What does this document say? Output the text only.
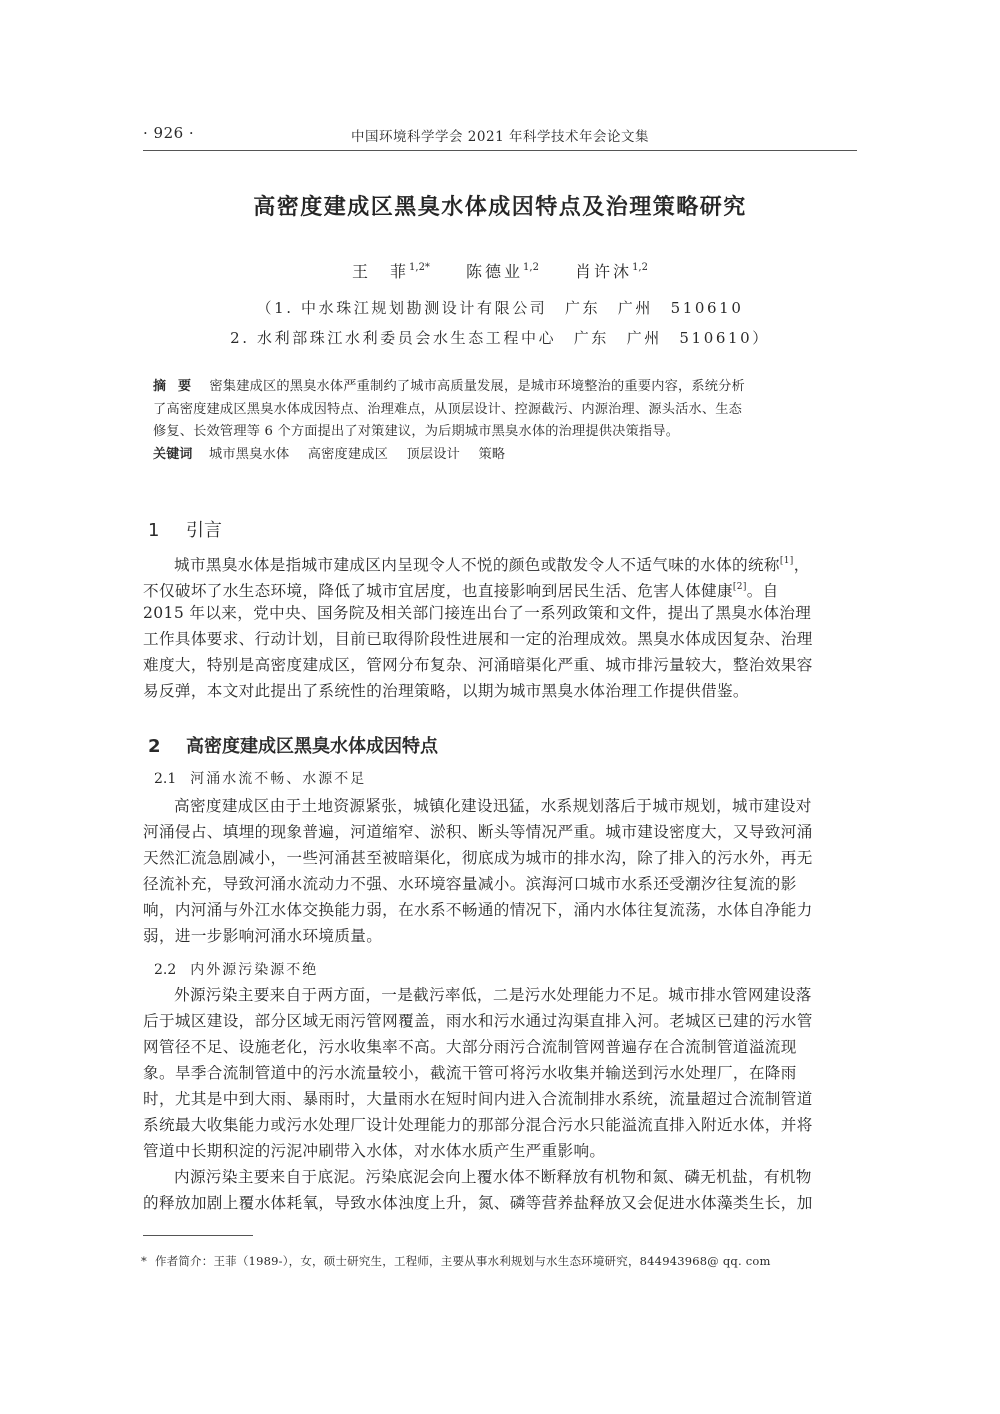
· 926 ·	中国环境科学学会 2021 年科学技术年会论文集
高密度建成区黑臭水体成因特点及治理策略研究
王　菲$^{1,2*}$ 陈德业$^{1,2}$ 肖许沐$^{1,2}$
（1. 中水珠江规划勘测设计有限公司　广东　广州　510610
2. 水利部珠江水利委员会水生态工程中心　广东　广州　510610）
摘要 密集建成区的黑臭水体严重制约了城市高质量发展，是城市环境整治的重要内容，系统分析
了高密度建成区黑臭水体成因特点、治理难点，从顶层设计、控源截污、内源治理、源头活水、生态
修复、长效管理等 6 个方面提出了对策建议，为后期城市黑臭水体的治理提供决策指导。
关键词 城市黑臭水体 高密度建成区 顶层设计 策略
1 引言
城市黑臭水体是指城市建成区内呈现令人不悦的颜色或散发令人不适气味的水体的统称[1]，
不仅破坏了水生态环境，降低了城市宜居度，也直接影响到居民生活、危害人体健康[2]。自
2015 年以来，党中央、国务院及相关部门接连出台了一系列政策和文件，提出了黑臭水体治理
工作具体要求、行动计划，目前已取得阶段性进展和一定的治理成效。黑臭水体成因复杂、治理
难度大，特别是高密度建成区，管网分布复杂、河涌暗渠化严重、城市排污量较大，整治效果容
易反弹，本文对此提出了系统性的治理策略，以期为城市黑臭水体治理工作提供借鉴。
2 高密度建成区黑臭水体成因特点
2.1 河涌水流不畅、水源不足
高密度建成区由于土地资源紧张，城镇化建设迅猛，水系规划落后于城市规划，城市建设对
河涌侵占、填埋的现象普遍，河道缩窄、淤积、断头等情况严重。城市建设密度大，又导致河涌
天然汇流急剧减小，一些河涌甚至被暗渠化，彻底成为城市的排水沟，除了排入的污水外，再无
径流补充，导致河涌水流动力不强、水环境容量减小。滨海河口城市水系还受潮汐往复流的影
响，内河涌与外江水体交换能力弱，在水系不畅通的情况下，涌内水体往复流荡，水体自净能力
弱，进一步影响河涌水环境质量。
2.2 内外源污染源不绝
外源污染主要来自于两方面，一是截污率低，二是污水处理能力不足。城市排水管网建设落
后于城区建设，部分区域无雨污管网覆盖，雨水和污水通过沟渠直排入河。老城区已建的污水管
网管径不足、设施老化，污水收集率不高。大部分雨污合流制管网普遍存在合流制管道溢流现
象。旱季合流制管道中的污水流量较小，截流干管可将污水收集并输送到污水处理厂，在降雨
时，尤其是中到大雨、暴雨时，大量雨水在短时间内进入合流制排水系统，流量超过合流制管道
系统最大收集能力或污水处理厂设计处理能力的那部分混合污水只能溢流直排入附近水体，并将
管道中长期积淀的污泥冲刷带入水体，对水体水质产生严重影响。
内源污染主要来自于底泥。污染底泥会向上覆水体不断释放有机物和氮、磷无机盐，有机物
的释放加剧上覆水体耗氧，导致水体浊度上升，氮、磷等营养盐释放又会促进水体藻类生长，加
* 作者简介：王菲（1989-），女，硕士研究生，工程师，主要从事水利规划与水生态环境研究，844943968@ qq. com
